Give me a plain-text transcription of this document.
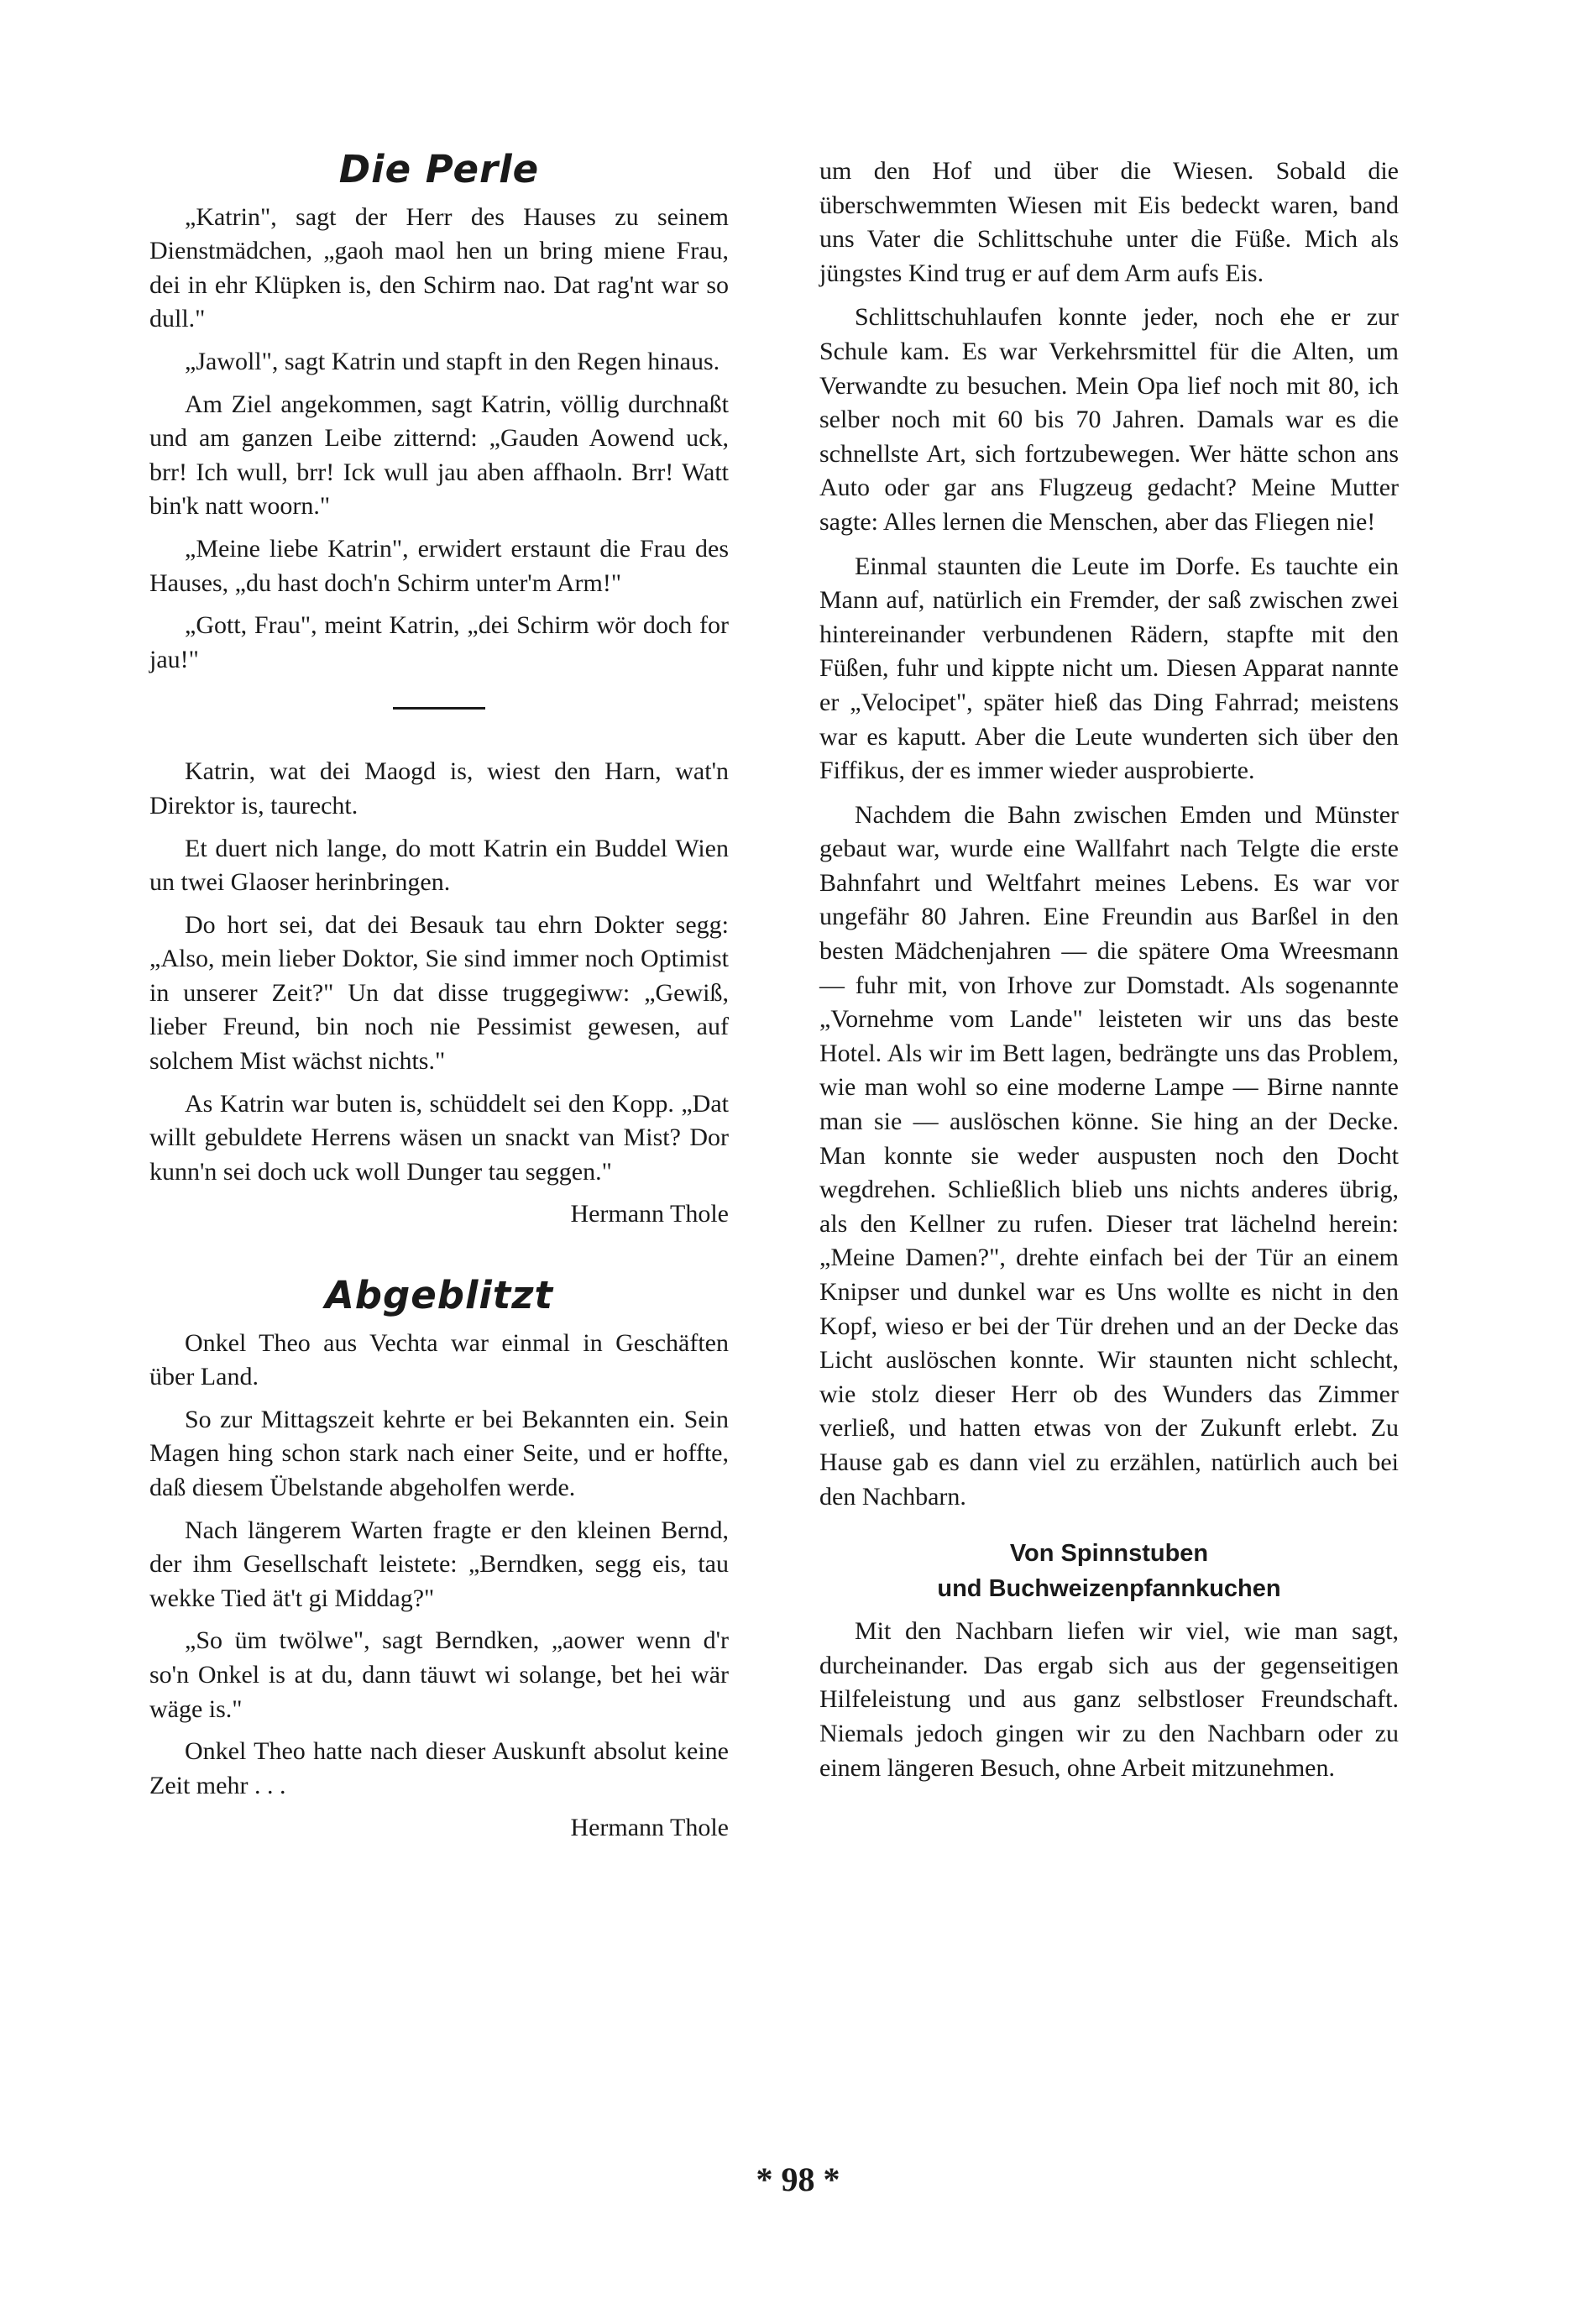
Die Perle

„Katrin", sagt der Herr des Hauses zu seinem Dienstmädchen, „gaoh maol hen un bring miene Frau, dei in ehr Klüpken is, den Schirm nao. Dat rag'nt war so dull."

„Jawoll", sagt Katrin und stapft in den Regen hinaus.

Am Ziel angekommen, sagt Katrin, völlig durchnaßt und am ganzen Leibe zitternd: „Gauden Aowend uck, brr! Ich wull, brr! Ick wull jau aben affhaoln. Brr! Watt bin'k natt woorn."

„Meine liebe Katrin", erwidert erstaunt die Frau des Hauses, „du hast doch'n Schirm unter'm Arm!"

„Gott, Frau", meint Katrin, „dei Schirm wör doch for jau!"

Katrin, wat dei Maogd is, wiest den Harn, wat'n Direktor is, taurecht.

Et duert nich lange, do mott Katrin ein Buddel Wien un twei Glaoser herinbringen.

Do hort sei, dat dei Besauk tau ehrn Dokter segg: „Also, mein lieber Doktor, Sie sind immer noch Optimist in unserer Zeit?" Un dat disse truggegiww: „Gewiß, lieber Freund, bin noch nie Pessimist gewesen, auf solchem Mist wächst nichts."

As Katrin war buten is, schüddelt sei den Kopp. „Dat willt gebuldete Herrens wäsen un snackt van Mist? Dor kunn'n sei doch uck woll Dunger tau seggen."

Hermann Thole

Abgeblitzt

Onkel Theo aus Vechta war einmal in Geschäften über Land.

So zur Mittagszeit kehrte er bei Bekannten ein. Sein Magen hing schon stark nach einer Seite, und er hoffte, daß diesem Übelstande abgeholfen werde.

Nach längerem Warten fragte er den kleinen Bernd, der ihm Gesellschaft leistete: „Berndken, segg eis, tau wekke Tied ät't gi Middag?"

„So üm twölwe", sagt Berndken, „aower wenn d'r so'n Onkel is at du, dann täuwt wi solange, bet hei wär wäge is."

Onkel Theo hatte nach dieser Auskunft absolut keine Zeit mehr . . .

Hermann Thole

um den Hof und über die Wiesen. Sobald die überschwemmten Wiesen mit Eis bedeckt waren, band uns Vater die Schlittschuhe unter die Füße. Mich als jüngstes Kind trug er auf dem Arm aufs Eis.

Schlittschuhlaufen konnte jeder, noch ehe er zur Schule kam. Es war Verkehrsmittel für die Alten, um Verwandte zu besuchen. Mein Opa lief noch mit 80, ich selber noch mit 60 bis 70 Jahren. Damals war es die schnellste Art, sich fortzubewegen. Wer hätte schon ans Auto oder gar ans Flugzeug gedacht? Meine Mutter sagte: Alles lernen die Menschen, aber das Fliegen nie!

Einmal staunten die Leute im Dorfe. Es tauchte ein Mann auf, natürlich ein Fremder, der saß zwischen zwei hintereinander verbundenen Rädern, stapfte mit den Füßen, fuhr und kippte nicht um. Diesen Apparat nannte er „Velocipet", später hieß das Ding Fahrrad; meistens war es kaputt. Aber die Leute wunderten sich über den Fiffikus, der es immer wieder ausprobierte.

Nachdem die Bahn zwischen Emden und Münster gebaut war, wurde eine Wallfahrt nach Telgte die erste Bahnfahrt und Weltfahrt meines Lebens. Es war vor ungefähr 80 Jahren. Eine Freundin aus Barßel in den besten Mädchenjahren — die spätere Oma Wreesmann — fuhr mit, von Irhove zur Domstadt. Als sogenannte „Vornehme vom Lande" leisteten wir uns das beste Hotel. Als wir im Bett lagen, bedrängte uns das Problem, wie man wohl so eine moderne Lampe — Birne nannte man sie — auslöschen könne. Sie hing an der Decke. Man konnte sie weder auspusten noch den Docht wegdrehen. Schließlich blieb uns nichts anderes übrig, als den Kellner zu rufen. Dieser trat lächelnd herein: „Meine Damen?", drehte einfach bei der Tür an einem Knipser und dunkel war es Uns wollte es nicht in den Kopf, wieso er bei der Tür drehen und an der Decke das Licht auslöschen konnte. Wir staunten nicht schlecht, wie stolz dieser Herr ob des Wunders das Zimmer verließ, und hatten etwas von der Zukunft erlebt. Zu Hause gab es dann viel zu erzählen, natürlich auch bei den Nachbarn.

Von Spinnstuben
und Buchweizenpfannkuchen

Mit den Nachbarn liefen wir viel, wie man sagt, durcheinander. Das ergab sich aus der gegenseitigen Hilfeleistung und aus ganz selbstloser Freundschaft. Niemals jedoch gingen wir zu den Nachbarn oder zu einem längeren Besuch, ohne Arbeit mitzunehmen.

* 98 *
